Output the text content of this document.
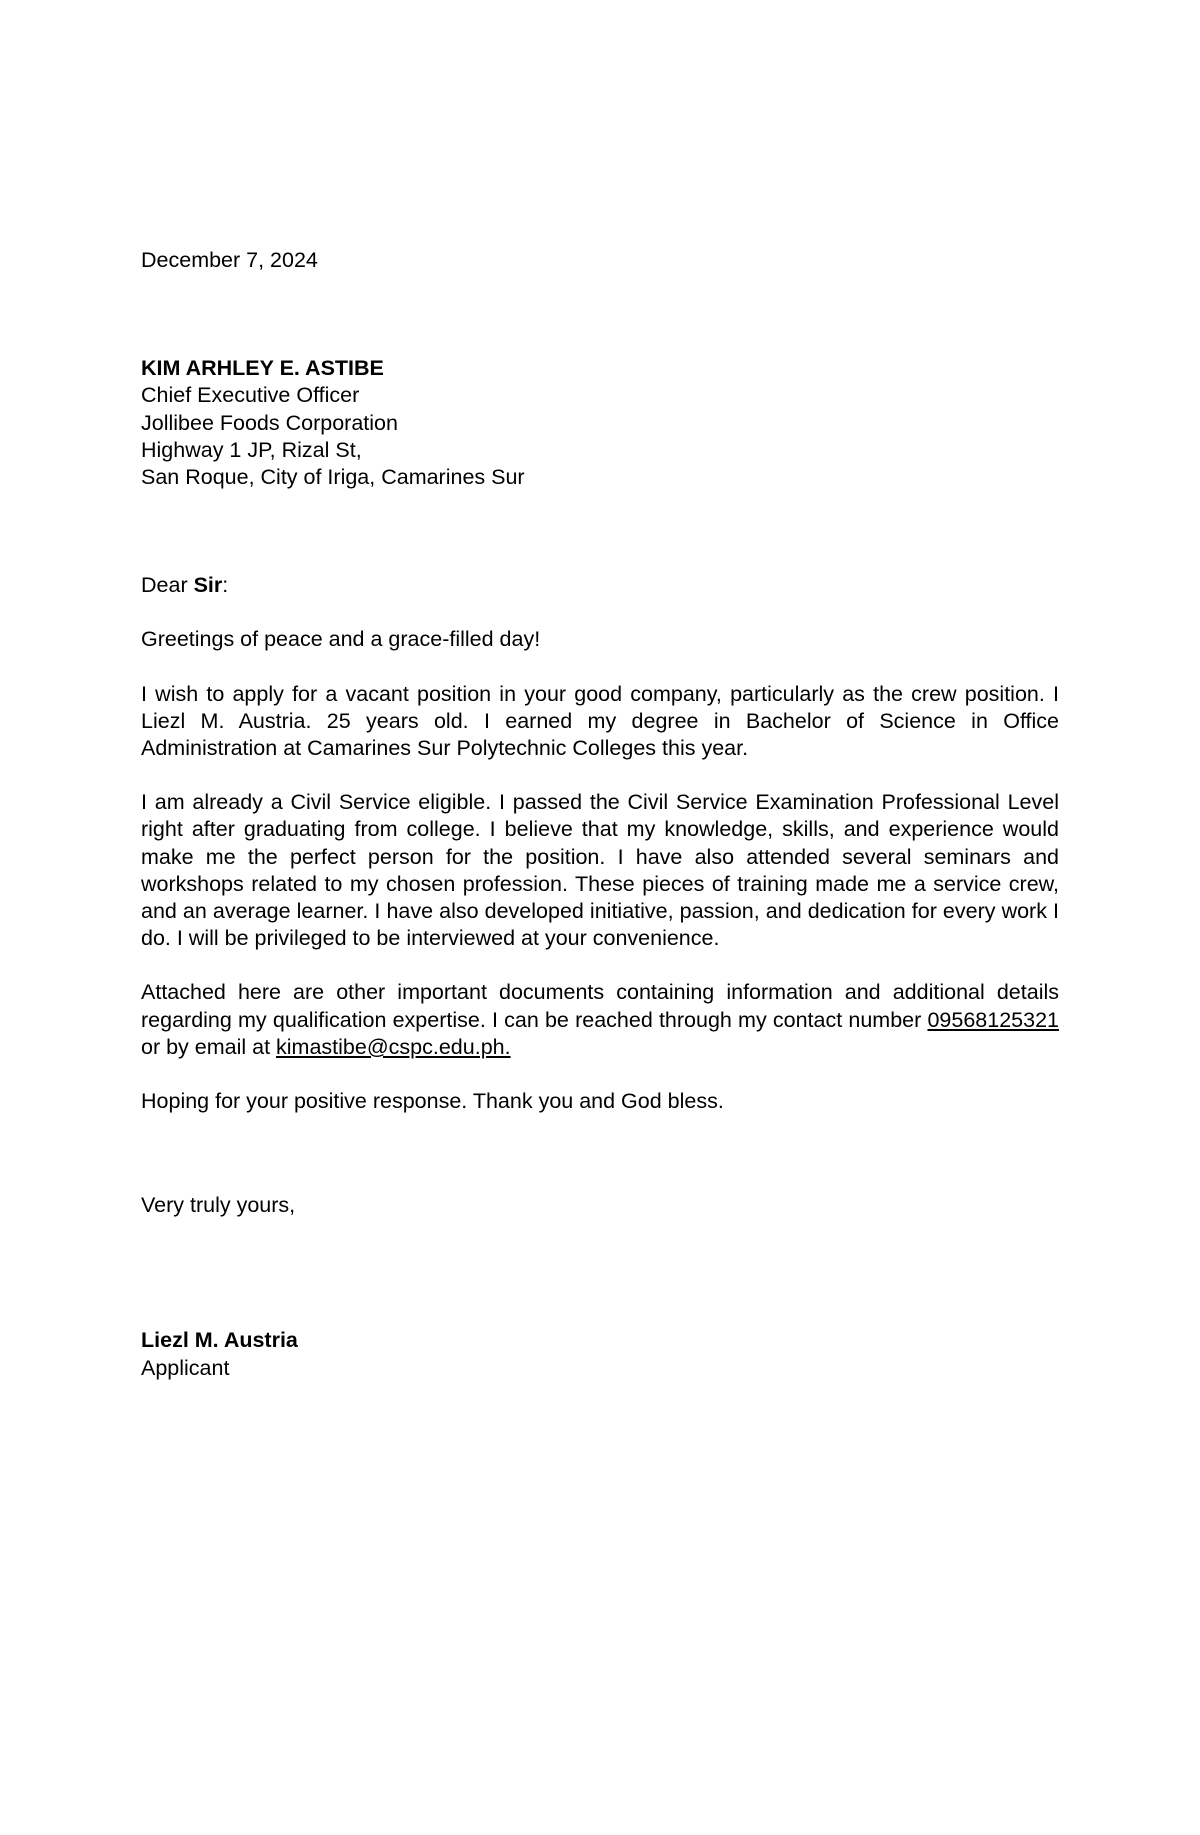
December 7, 2024
KIM ARHLEY E. ASTIBE
Chief Executive Officer
Jollibee Foods Corporation
Highway 1 JP, Rizal St,
San Roque, City of Iriga, Camarines Sur
Dear Sir:
Greetings of peace and a grace-filled day!

I wish to apply for a vacant position in your good company, particularly as the crew position. I Liezl M. Austria. 25 years old. I earned my degree in Bachelor of Science in Office Administration at Camarines Sur Polytechnic Colleges this year.

I am already a Civil Service eligible. I passed the Civil Service Examination Professional Level right after graduating from college. I believe that my knowledge, skills, and experience would make me the perfect person for the position. I have also attended several seminars and workshops related to my chosen profession. These pieces of training made me a service crew, and an average learner. I have also developed initiative, passion, and dedication for every work I do. I will be privileged to be interviewed at your convenience.

Attached here are other important documents containing information and additional details regarding my qualification expertise. I can be reached through my contact number 09568125321 or by email at kimastibe@cspc.edu.ph.

Hoping for your positive response. Thank you and God bless.
Very truly yours,
Liezl M. Austria
Applicant
